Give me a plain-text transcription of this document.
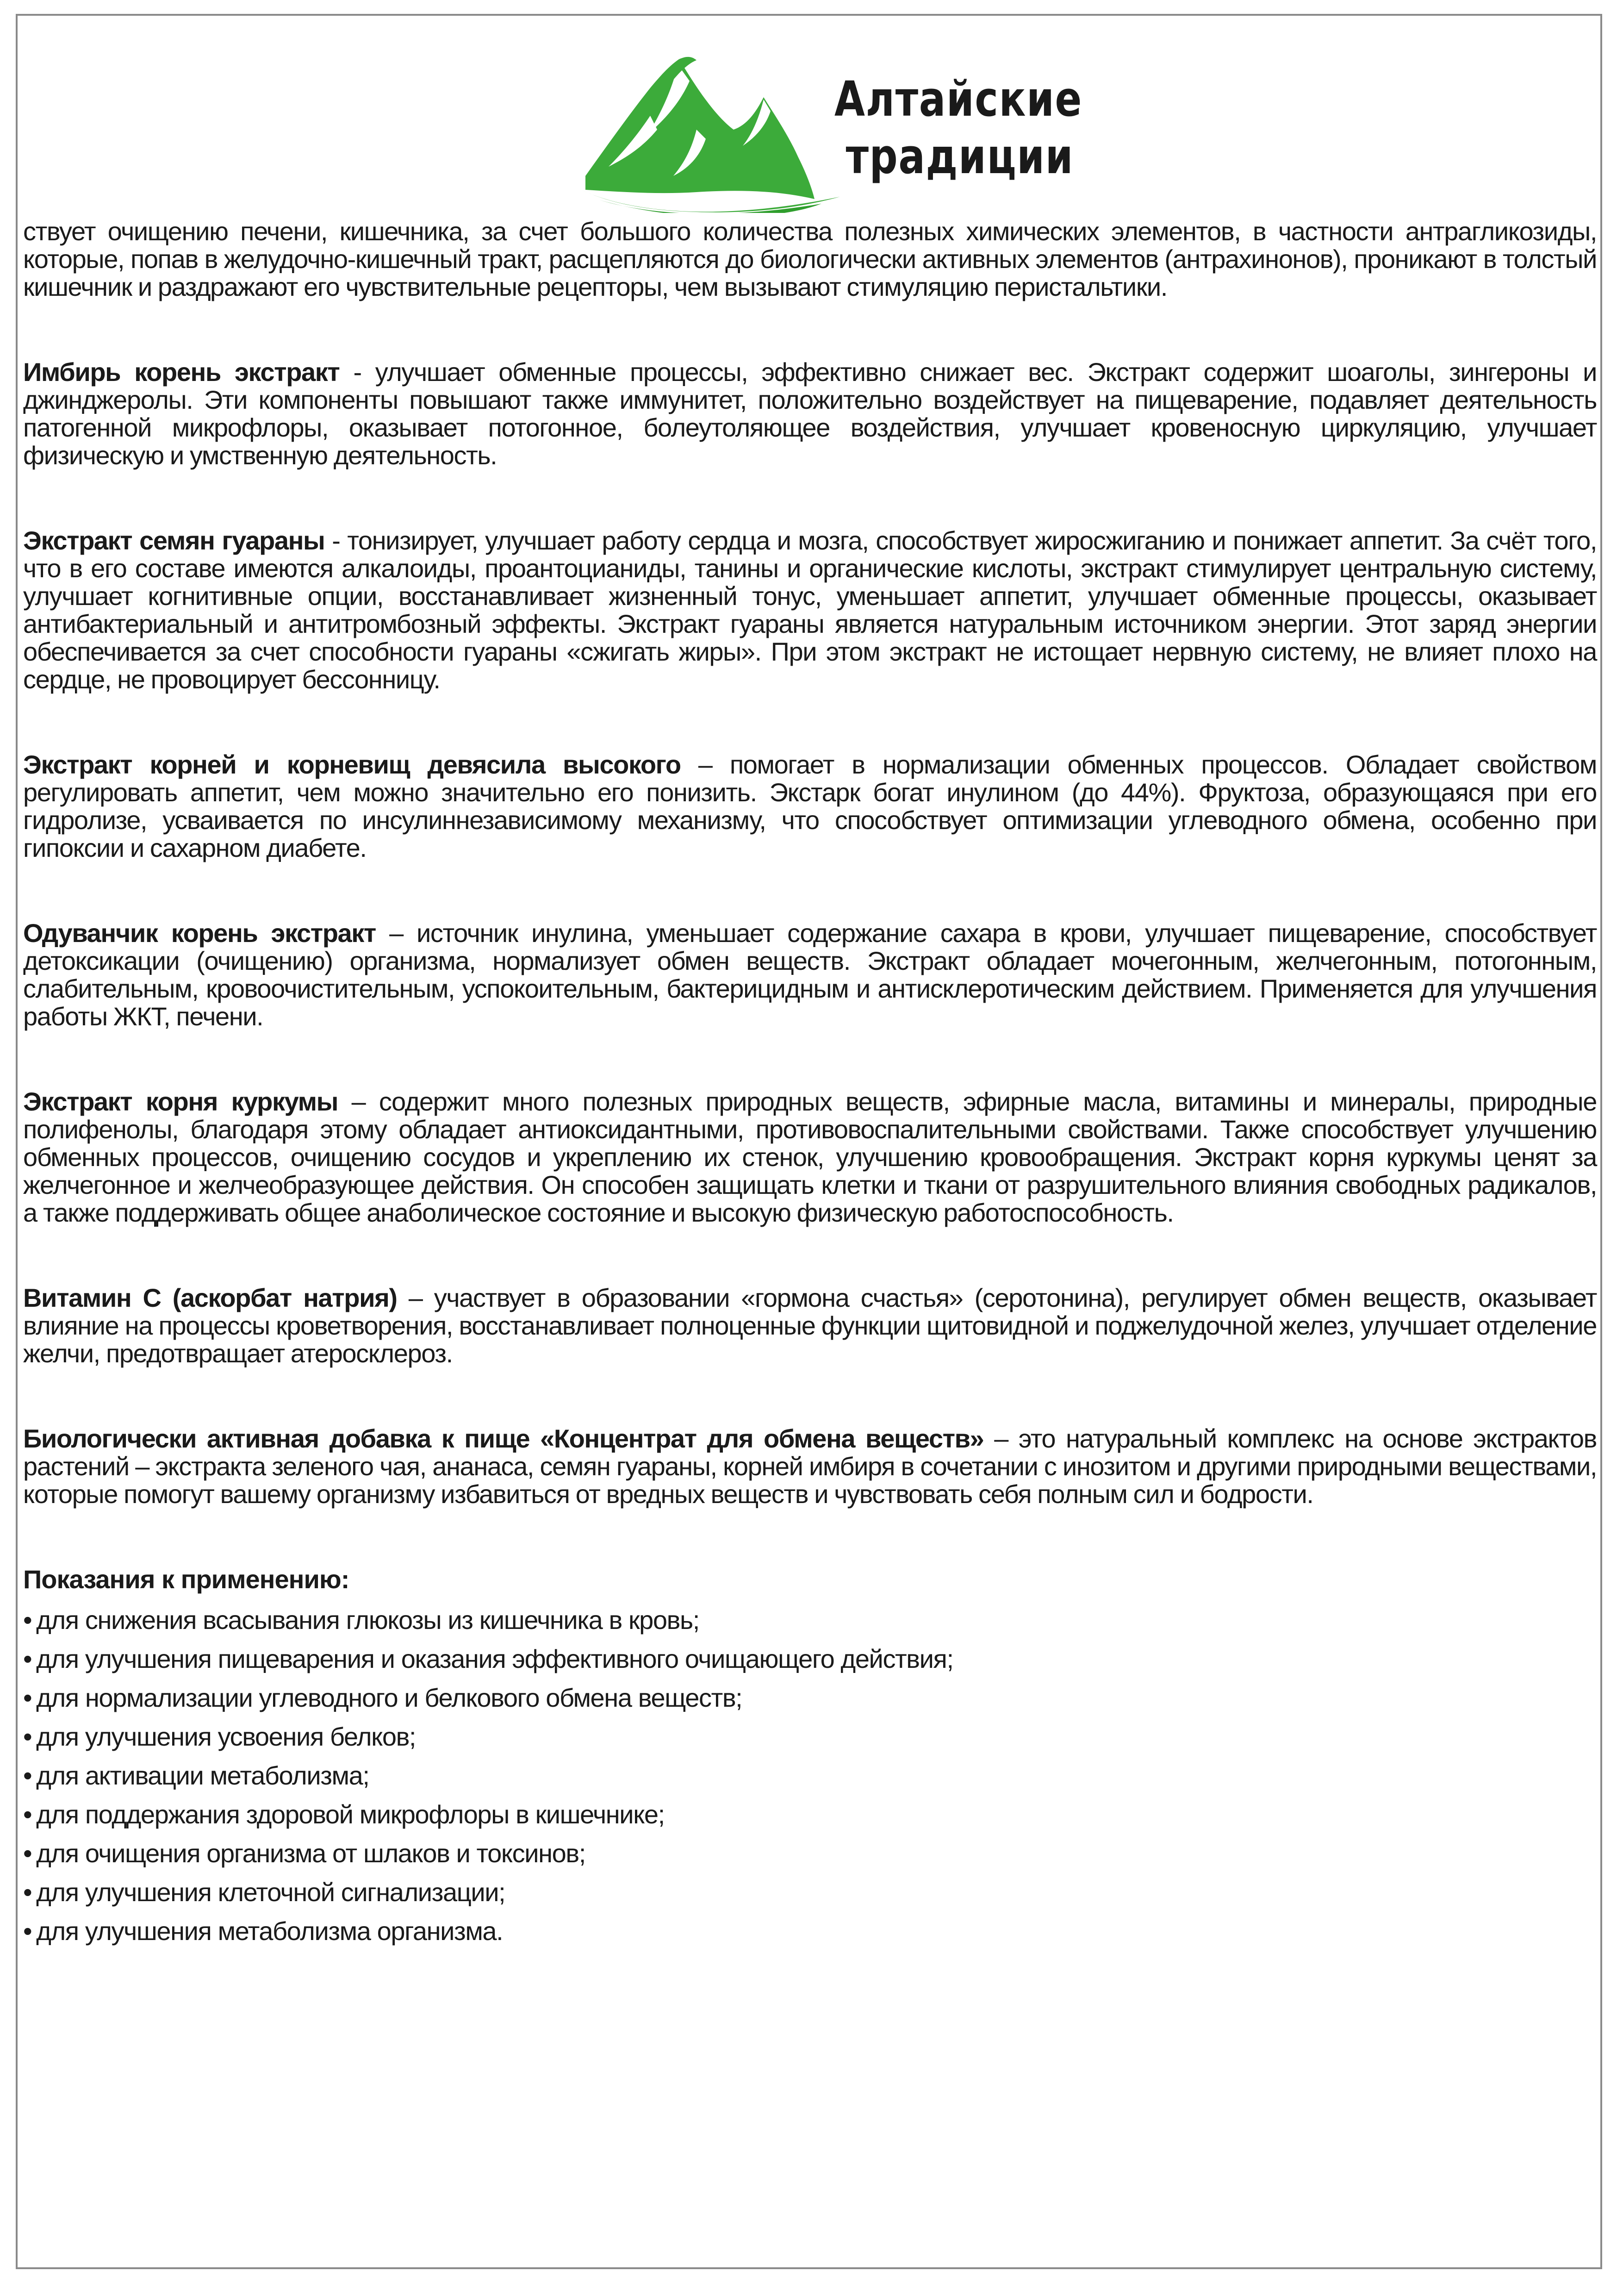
Алтайские
традиции

ствует очищению печени, кишечника, за счет большого количества полезных химических элементов, в частности антрагликозиды, которые, попав в желудочно-кишечный тракт, расщепляются до биологически активных элементов (антрахинонов), проникают в толстый кишечник и раздражают его чувствительные рецепторы, чем вызывают стимуляцию перистальтики.

Имбирь корень экстракт - улучшает обменные процессы, эффективно снижает вес. Экстракт содержит шоаголы, зингероны и джинджеролы. Эти компоненты повышают также иммунитет, положительно воздействует на пищеварение, подавляет деятельность патогенной микрофлоры, оказывает потогонное, болеутоляющее воздействия, улучшает кровеносную циркуляцию, улучшает физическую и умственную деятельность.

Экстракт семян гуараны - тонизирует, улучшает работу сердца и мозга, способствует жиросжиганию и понижает аппетит. За счёт того, что в его составе имеются алкалоиды, проантоцианиды, танины и органические кислоты, экстракт стимулирует центральную систему, улучшает когнитивные опции, восстанавливает жизненный тонус, уменьшает аппетит, улучшает обменные процессы, оказывает антибактериальный и антитромбозный эффекты. Экстракт гуараны является натуральным источником энергии. Этот заряд энергии обеспечивается за счет способности гуараны «сжигать жиры». При этом экстракт не истощает нервную систему, не влияет плохо на сердце, не провоцирует бессонницу.

Экстракт корней и корневищ девясила высокого – помогает в нормализации обменных процессов. Обладает свойством регулировать аппетит, чем можно значительно его понизить. Экстарк богат инулином (до 44%). Фруктоза, образующаяся при его гидролизе, усваивается по инсулиннезависимому механизму, что способствует оптимизации углеводного обмена, особенно при гипоксии и сахарном диабете.

Одуванчик корень экстракт – источник инулина, уменьшает содержание сахара в крови, улучшает пищеварение, способствует детоксикации (очищению) организма, нормализует обмен веществ. Экстракт обладает мочегонным, желчегонным, потогонным, слабительным, кровоочистительным, успокоительным, бактерицидным и антисклеротическим действием. Применяется для улучшения работы ЖКТ, печени.

Экстракт корня куркумы – содержит много полезных природных веществ, эфирные масла, витамины и минералы, природные полифенолы, благодаря этому обладает антиоксидантными, противовоспалительными свойствами. Также способствует улучшению обменных процессов, очищению сосудов и укреплению их стенок, улучшению кровообращения. Экстракт корня куркумы ценят за желчегонное и желчеобразующее действия. Он способен защищать клетки и ткани от разрушительного влияния свободных радикалов, а также поддерживать общее анаболическое состояние и высокую физическую работоспособность.

Витамин С (аскорбат натрия) – участвует в образовании «гормона счастья» (серотонина), регулирует обмен веществ, оказывает влияние на процессы кроветворения, восстанавливает полноценные функции щитовидной и поджелудочной желез, улучшает отделение желчи, предотвращает атеросклероз.

Биологически активная добавка к пище «Концентрат для обмена веществ» – это натуральный комплекс на основе экстрактов растений – экстракта зеленого чая, ананаса, семян гуараны, корней имбиря в сочетании с инозитом и другими природными веществами, которые помогут вашему организму избавиться от вредных веществ и чувствовать себя полным сил и бодрости.

Показания к применению:
• для снижения всасывания глюкозы из кишечника в кровь;
• для улучшения пищеварения и оказания эффективного очищающего действия;
• для нормализации углеводного и белкового обмена веществ;
• для улучшения усвоения белков;
• для активации метаболизма;
• для поддержания здоровой микрофлоры в кишечнике;
• для очищения организма от шлаков и токсинов;
• для улучшения клеточной сигнализации;
• для улучшения метаболизма организма.
